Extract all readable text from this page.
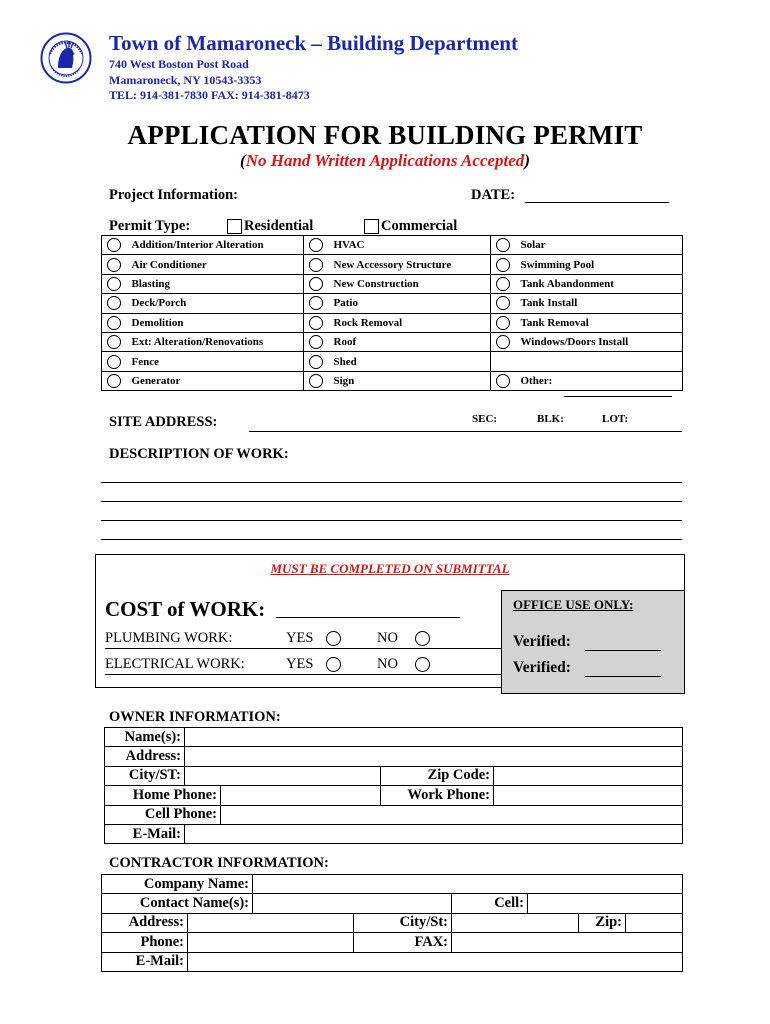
Town of Mamaroneck – Building Department
740 West Boston Post Road
Mamaroneck, NY 10543-3353
TEL: 914-381-7830 FAX: 914-381-8473
APPLICATION FOR BUILDING PERMIT
(No Hand Written Applications Accepted)
Project Information:	DATE:
Permit Type:	Residential	Commercial
	Addition/Interior Alteration		HVAC		Solar

	Air Conditioner		New Accessory Structure		Swimming Pool

	Blasting		New Construction		Tank Abandonment

	Deck/Porch		Patio		Tank Install

	Demolition		Rock Removal		Tank Removal

	Ext: Alteration/Renovations		Roof		Windows/Doors Install

	Fence		Shed		

	Generator		Sign		Other:
SITE ADDRESS:	SEC:	BLK:	LOT:
DESCRIPTION OF WORK:
MUST BE COMPLETED ON SUBMITTAL
OFFICE USE ONLY:
Verified:
Verified:
COST of WORK:
PLUMBING WORK:	YES	NO
ELECTRICAL WORK:	YES	NO
OWNER INFORMATION:
Name(s):				
Address:				
City/ST:			Zip Code:	
Home Phone:			Work Phone:	
Cell Phone:				
E-Mail:				
CONTRACTOR INFORMATION:
Company Name:							
Contact Name(s):				Cell:			
Address:			City/St:			Zip:	
Phone:			FAX:				
E-Mail:							
